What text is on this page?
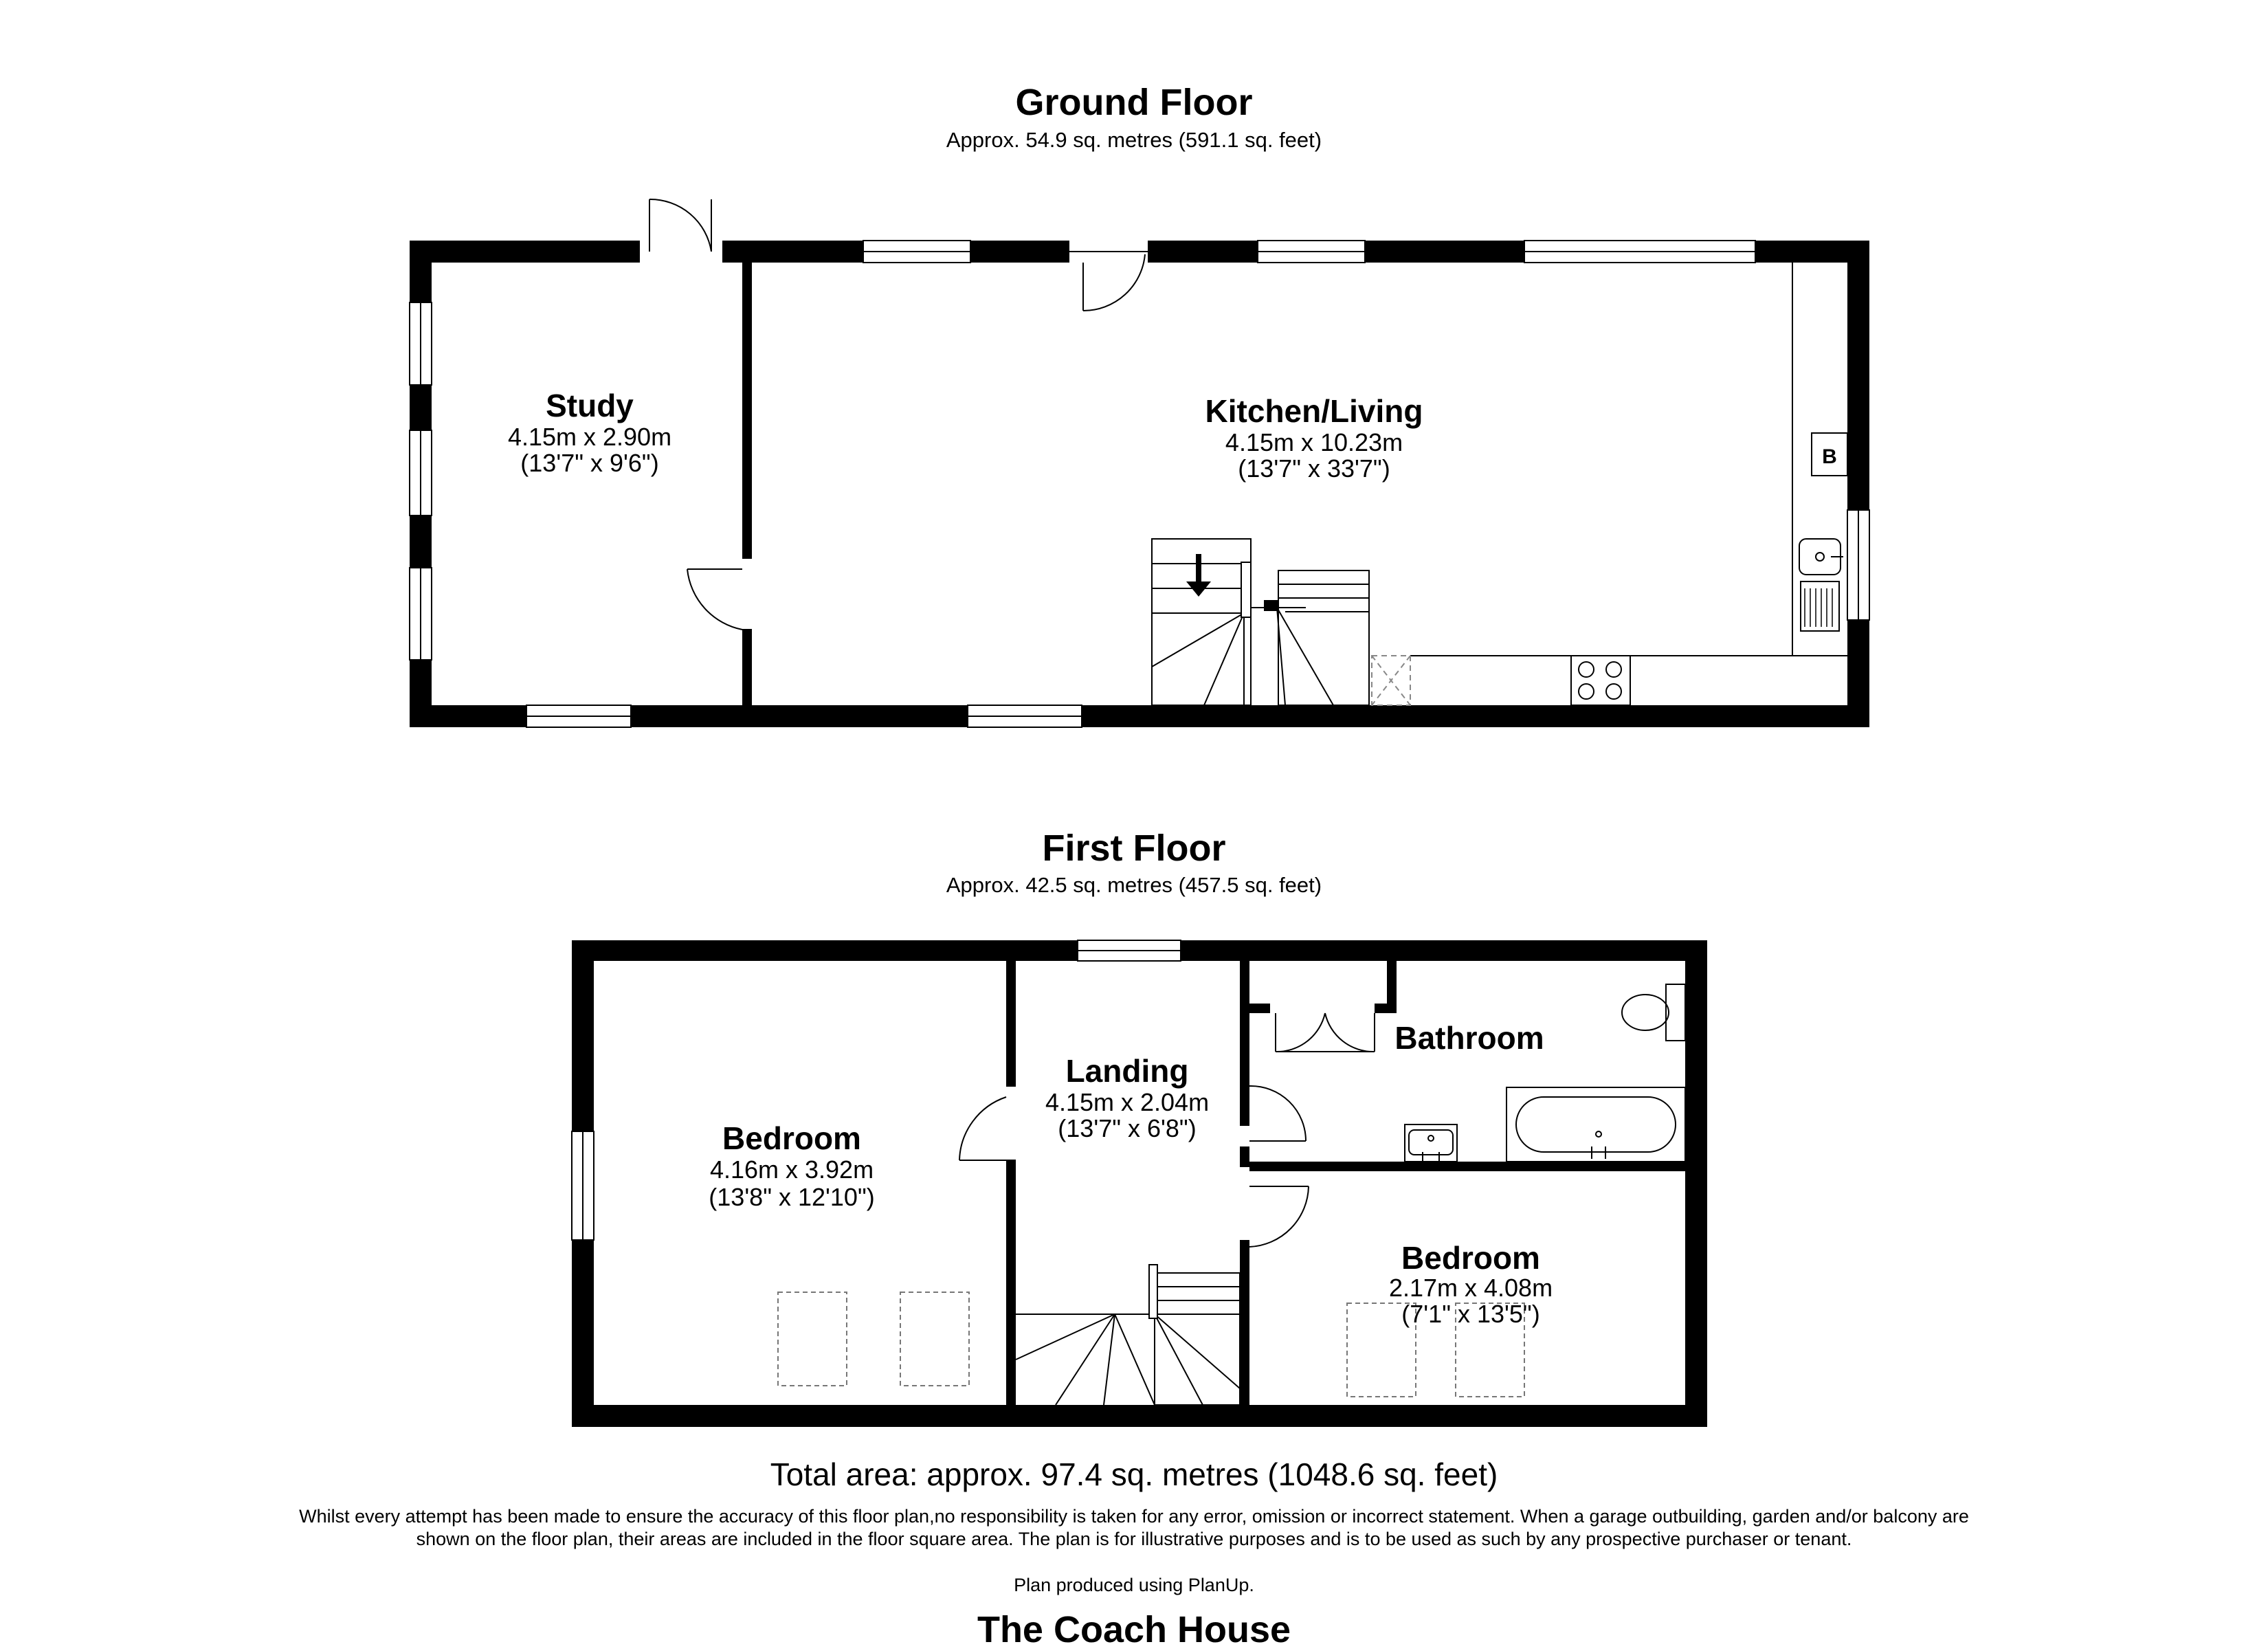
Ground Floor
Approx. 54.9 sq. metres (591.1 sq. feet)
First Floor
Approx. 42.5 sq. metres (457.5 sq. feet)
B
Study
4.15m x 2.90m
(13'7" x 9'6")
Kitchen/Living
4.15m x 10.23m
(13'7" x 33'7")
Bedroom
4.16m x 3.92m
(13'8" x 12'10")
Landing
4.15m x 2.04m
(13'7" x 6'8")
Bathroom
Bedroom
2.17m x 4.08m
(7'1" x 13'5")
Total area: approx. 97.4 sq. metres (1048.6 sq. feet)
Whilst every attempt has been made to ensure the accuracy of this floor plan,no responsibility is taken for any error, omission or incorrect statement. When a garage outbuilding, garden and/or balcony are shown on the floor plan, their areas are included in the floor square area. The plan is for illustrative purposes and is to be used as such by any prospective purchaser or tenant.
Plan produced using PlanUp.
The Coach House
